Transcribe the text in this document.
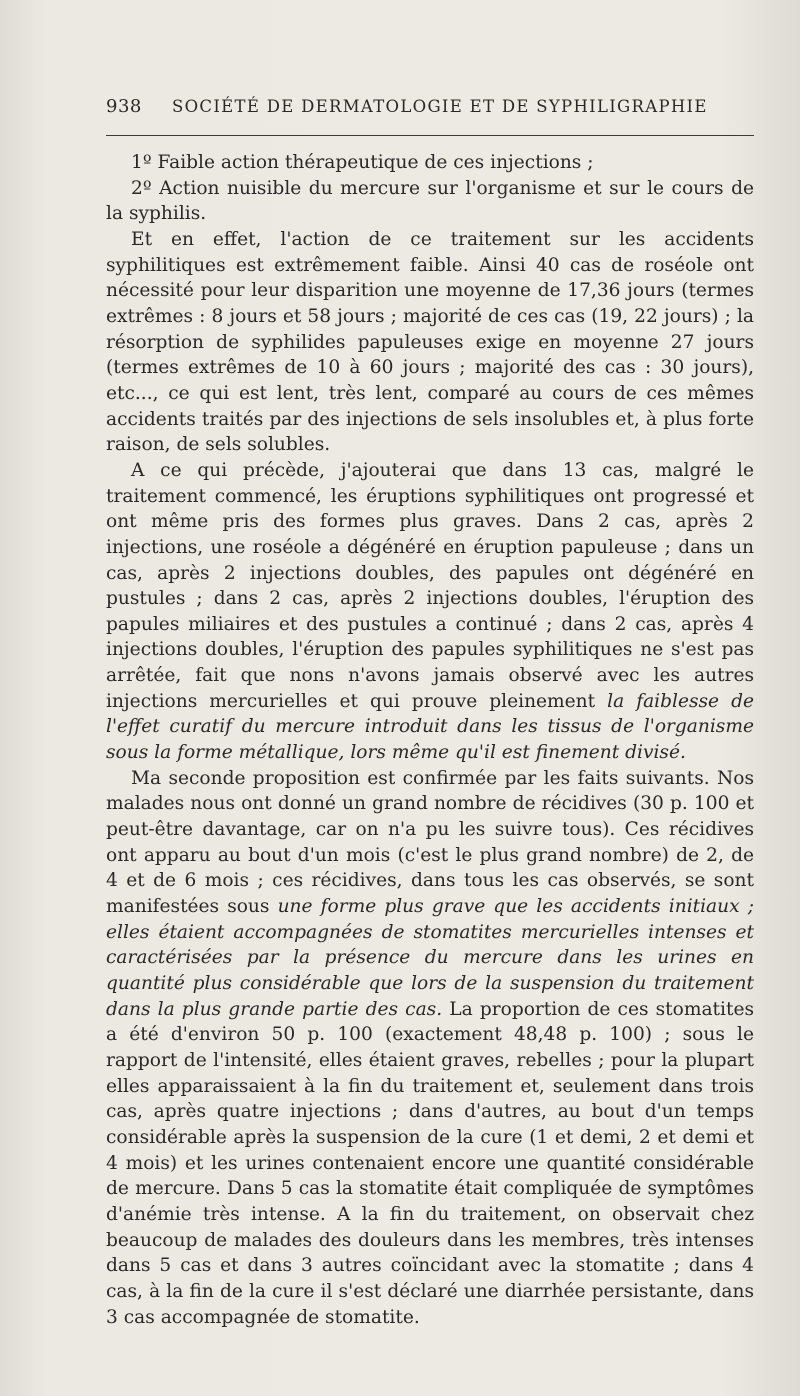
938 SOCIÉTÉ DE DERMATOLOGIE ET DE SYPHILIGRAPHIE

1º Faible action thérapeutique de ces injections ;

2º Action nuisible du mercure sur l'organisme et sur le cours de la syphilis.

Et en effet, l'action de ce traitement sur les accidents syphilitiques est extrêmement faible. Ainsi 40 cas de roséole ont nécessité pour leur disparition une moyenne de 17,36 jours (termes extrêmes : 8 jours et 58 jours ; majorité de ces cas (19, 22 jours) ; la résorption de syphilides papuleuses exige en moyenne 27 jours (termes extrêmes de 10 à 60 jours ; majorité des cas : 30 jours), etc..., ce qui est lent, très lent, comparé au cours de ces mêmes accidents traités par des injections de sels insolubles et, à plus forte raison, de sels solubles.

A ce qui précède, j'ajouterai que dans 13 cas, malgré le traitement commencé, les éruptions syphilitiques ont progressé et ont même pris des formes plus graves. Dans 2 cas, après 2 injections, une roséole a dégénéré en éruption papuleuse ; dans un cas, après 2 injections doubles, des papules ont dégénéré en pustules ; dans 2 cas, après 2 injections doubles, l'éruption des papules miliaires et des pustules a continué ; dans 2 cas, après 4 injections doubles, l'éruption des papules syphilitiques ne s'est pas arrêtée, fait que nons n'avons jamais observé avec les autres injections mercurielles et qui prouve pleinement la faiblesse de l'effet curatif du mercure introduit dans les tissus de l'organisme sous la forme métallique, lors même qu'il est finement divisé.

Ma seconde proposition est confirmée par les faits suivants. Nos malades nous ont donné un grand nombre de récidives (30 p. 100 et peut-être davantage, car on n'a pu les suivre tous). Ces récidives ont apparu au bout d'un mois (c'est le plus grand nombre) de 2, de 4 et de 6 mois ; ces récidives, dans tous les cas observés, se sont manifestées sous une forme plus grave que les accidents initiaux ; elles étaient accompagnées de stomatites mercurielles intenses et caractérisées par la présence du mercure dans les urines en quantité plus considérable que lors de la suspension du traitement dans la plus grande partie des cas. La proportion de ces stomatites a été d'environ 50 p. 100 (exactement 48,48 p. 100) ; sous le rapport de l'intensité, elles étaient graves, rebelles ; pour la plupart elles apparaissaient à la fin du traitement et, seulement dans trois cas, après quatre injections ; dans d'autres, au bout d'un temps considérable après la suspension de la cure (1 et demi, 2 et demi et 4 mois) et les urines contenaient encore une quantité considérable de mercure. Dans 5 cas la stomatite était compliquée de symptômes d'anémie très intense. A la fin du traitement, on observait chez beaucoup de malades des douleurs dans les membres, très intenses dans 5 cas et dans 3 autres coïncidant avec la stomatite ; dans 4 cas, à la fin de la cure il s'est déclaré une diarrhée persistante, dans 3 cas accompagnée de stomatite.
